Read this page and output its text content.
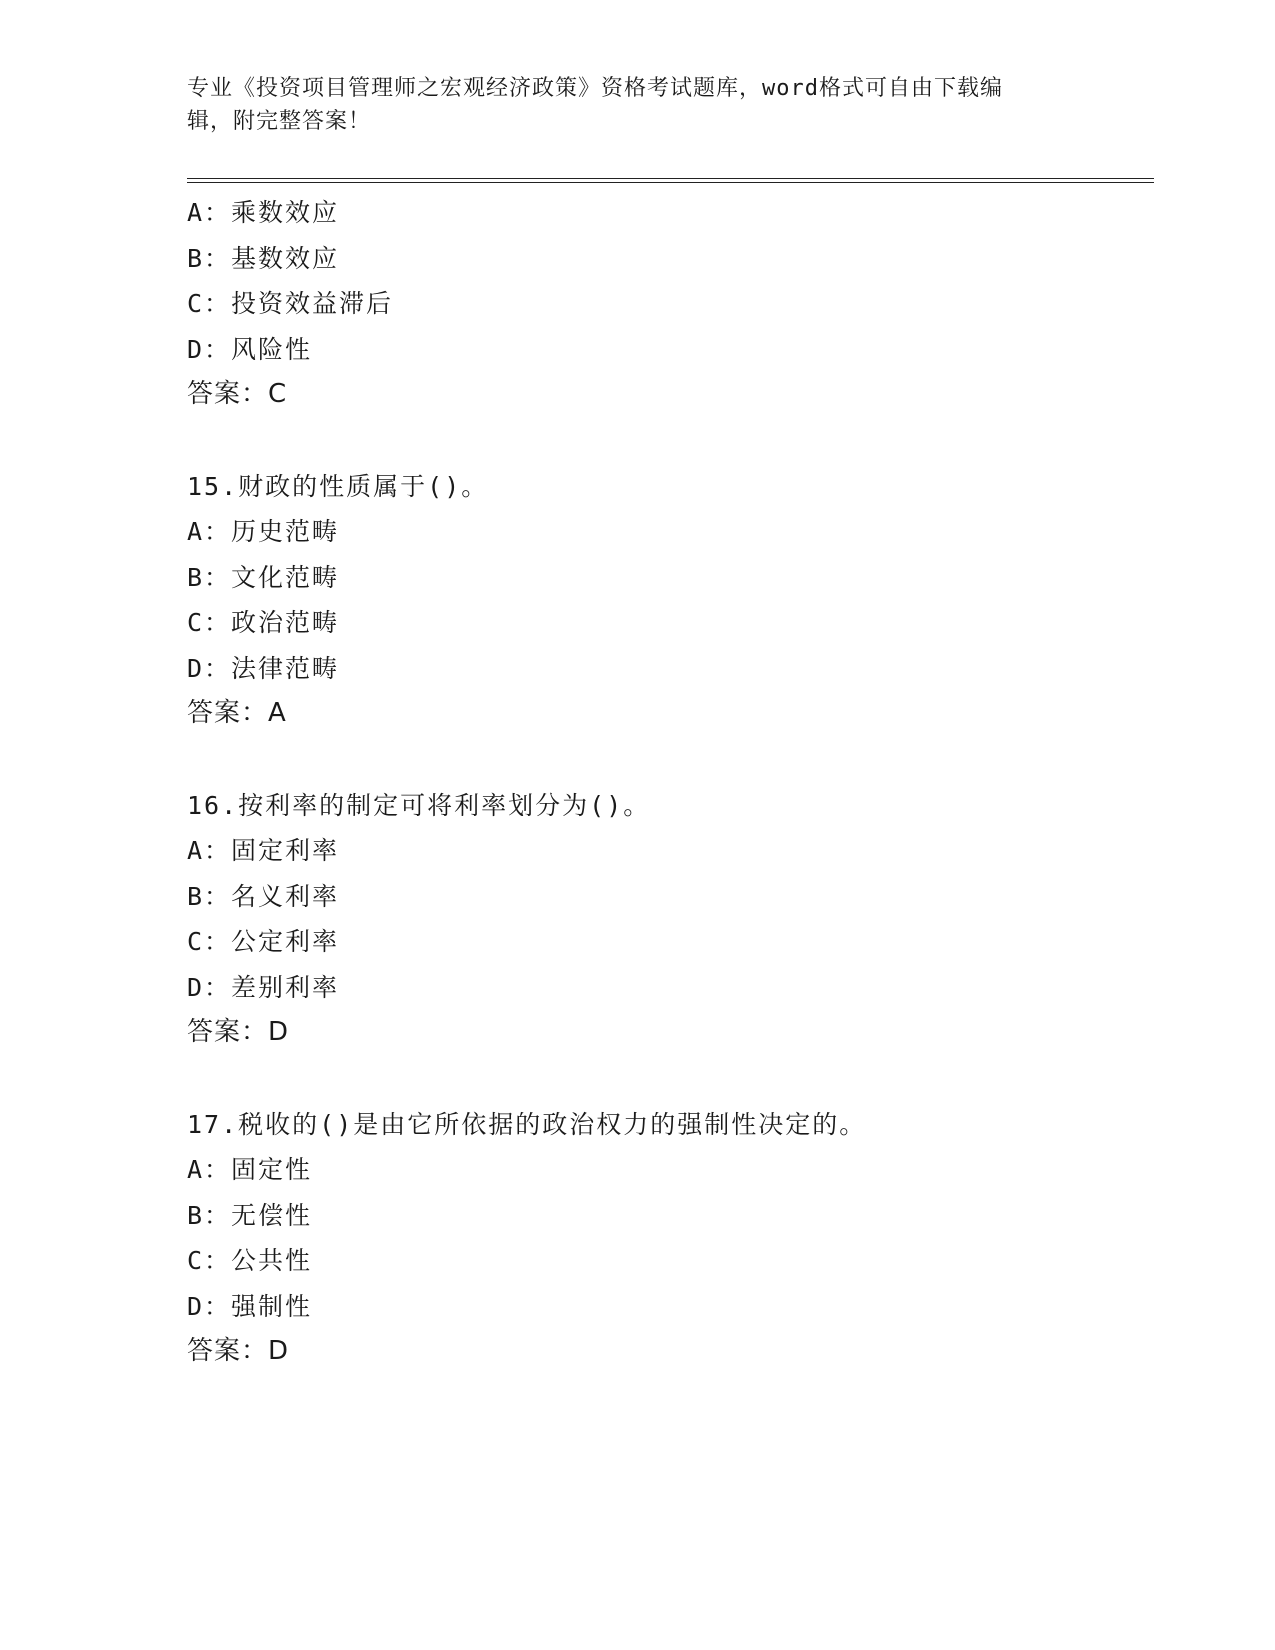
专业《投资项目管理师之宏观经济政策》资格考试题库，word格式可自由下载编
辑，附完整答案！
A：乘数效应
B：基数效应
C：投资效益滞后
D：风险性
答案：C
15.财政的性质属于()。
A：历史范畴
B：文化范畴
C：政治范畴
D：法律范畴
答案：A
16.按利率的制定可将利率划分为()。
A：固定利率
B：名义利率
C：公定利率
D：差别利率
答案：D
17.税收的()是由它所依据的政治权力的强制性决定的。
A：固定性
B：无偿性
C：公共性
D：强制性
答案：D
